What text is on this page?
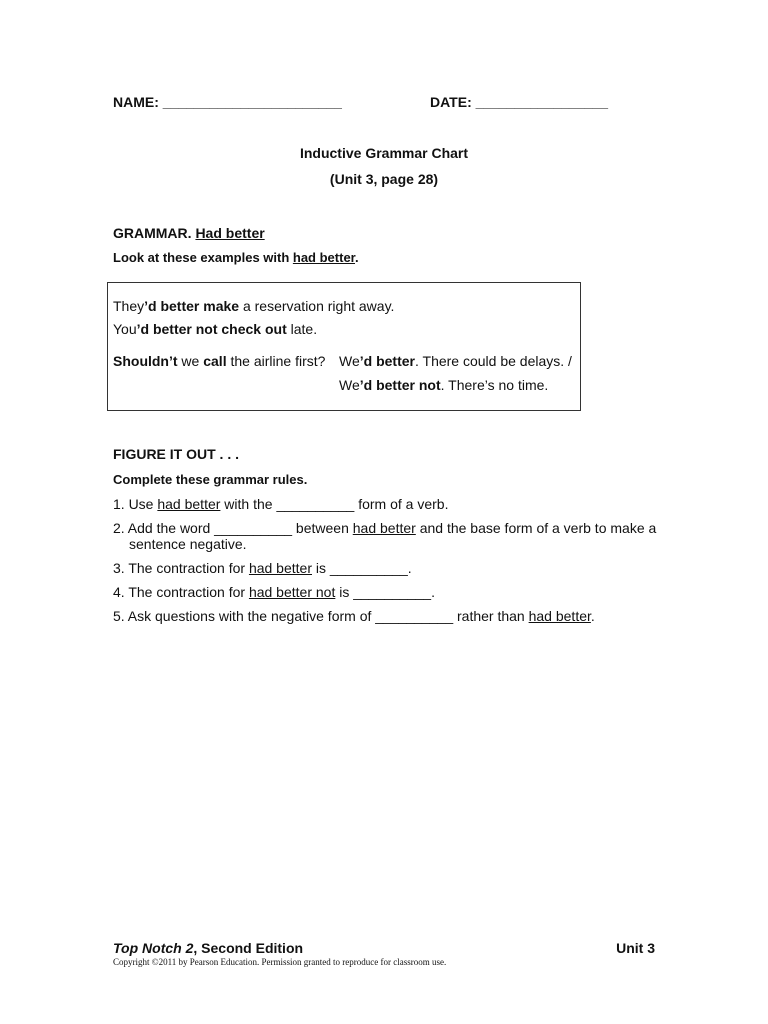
NAME: _______________________	DATE: _________________
Inductive Grammar Chart
(Unit 3, page 28)
GRAMMAR. Had better
Look at these examples with had better.
They’d better make a reservation right away.
You’d better not check out late.
Shouldn’t we call the airline first? We’d better. There could be delays. /
We’d better not. There’s no time.
FIGURE IT OUT . . .
Complete these grammar rules.
1. Use had better with the __________ form of a verb.
2. Add the word __________ between had better and the base form of a verb to make a
sentence negative.
3. The contraction for had better is __________.
4. The contraction for had better not is __________.
5. Ask questions with the negative form of __________ rather than had better.
Top Notch 2, Second Edition	Unit 3
Copyright ©2011 by Pearson Education. Permission granted to reproduce for classroom use.
